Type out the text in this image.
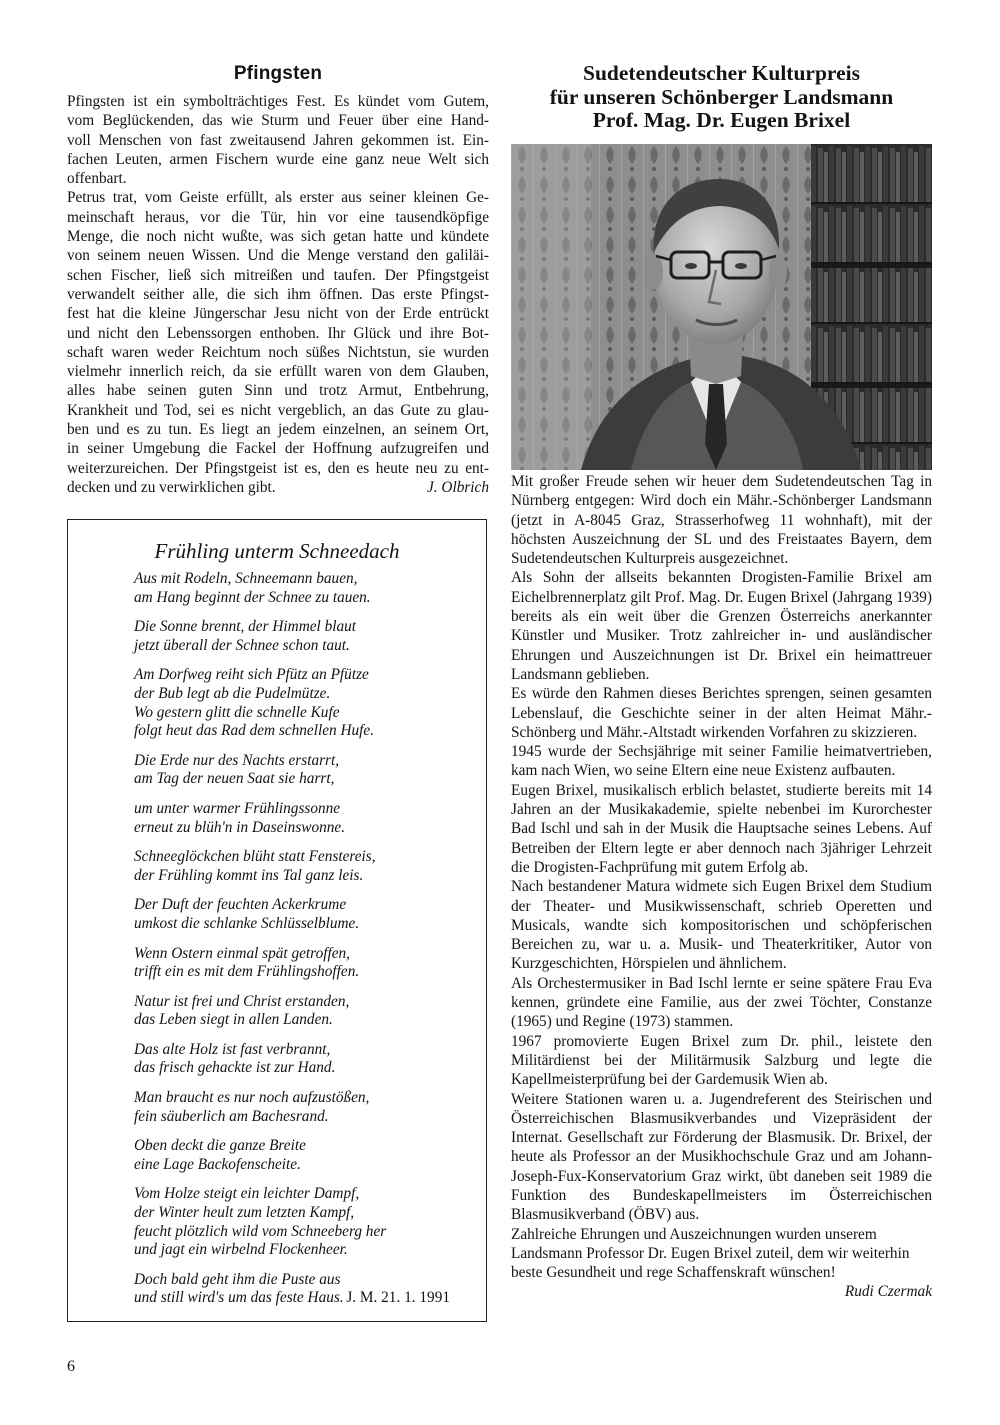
Pfingsten

Pfingsten ist ein symbolträchtiges Fest. Es kündet vom Gutem,

vom Beglückenden, das wie Sturm und Feuer über eine Hand-

voll Menschen von fast zweitausend Jahren gekommen ist. Ein-

fachen Leuten, armen Fischern wurde eine ganz neue Welt sich

offenbart.

Petrus trat, vom Geiste erfüllt, als erster aus seiner kleinen Ge-

meinschaft heraus, vor die Tür, hin vor eine tausendköpfige

Menge, die noch nicht wußte, was sich getan hatte und kündete

von seinem neuen Wissen. Und die Menge verstand den galiläi-

schen Fischer, ließ sich mitreißen und taufen. Der Pfingstgeist

verwandelt seither alle, die sich ihm öffnen. Das erste Pfingst-

fest hat die kleine Jüngerschar Jesu nicht von der Erde entrückt

und nicht den Lebenssorgen enthoben. Ihr Glück und ihre Bot-

schaft waren weder Reichtum noch süßes Nichtstun, sie wurden

vielmehr innerlich reich, da sie erfüllt waren von dem Glauben,

alles habe seinen guten Sinn und trotz Armut, Entbehrung,

Krankheit und Tod, sei es nicht vergeblich, an das Gute zu glau-

ben und es zu tun. Es liegt an jedem einzelnen, an seinem Ort,

in seiner Umgebung die Fackel der Hoffnung aufzugreifen und

weiterzureichen. Der Pfingstgeist ist es, den es heute neu zu ent-

decken und zu verwirklichen gibt.	J. Olbrich
Frühling unterm Schneedach
Aus mit Rodeln, Schneemann bauen,
am Hang beginnt der Schnee zu tauen.
Die Sonne brennt, der Himmel blaut
jetzt überall der Schnee schon taut.
Am Dorfweg reiht sich Pfütz an Pfütze
der Bub legt ab die Pudelmütze.
Wo gestern glitt die schnelle Kufe
folgt heut das Rad dem schnellen Hufe.
Die Erde nur des Nachts erstarrt,
am Tag der neuen Saat sie harrt,
um unter warmer Frühlingssonne
erneut zu blüh'n in Daseinswonne.
Schneeglöckchen blüht statt Fenstereis,
der Frühling kommt ins Tal ganz leis.
Der Duft der feuchten Ackerkrume
umkost die schlanke Schlüsselblume.
Wenn Ostern einmal spät getroffen,
trifft ein es mit dem Frühlingshoffen.
Natur ist frei und Christ erstanden,
das Leben siegt in allen Landen.
Das alte Holz ist fast verbrannt,
das frisch gehackte ist zur Hand.
Man braucht es nur noch aufzustößen,
fein säuberlich am Bachesrand.
Oben deckt die ganze Breite
eine Lage Backofenscheite.
Vom Holze steigt ein leichter Dampf,
der Winter heult zum letzten Kampf,
feucht plötzlich wild vom Schneeberg her
und jagt ein wirbelnd Flockenheer.
Doch bald geht ihm die Puste aus
und still wird's um das feste Haus. J. M. 21. 1. 1991
Sudetendeutscher Kulturpreis
für unseren Schönberger Landsmann
Prof. Mag. Dr. Eugen Brixel

Mit großer Freude sehen wir heuer dem Sudetendeutschen Tag in Nürnberg entgegen: Wird doch ein Mähr.-Schönberger Landsmann (jetzt in A-8045 Graz, Strasserhofweg 11 wohnhaft), mit der höchsten Auszeichnung der SL und des Freistaates Bayern, dem Sudetendeutschen Kulturpreis ausgezeichnet.

Als Sohn der allseits bekannten Drogisten-Familie Brixel am Eichelbrennerplatz gilt Prof. Mag. Dr. Eugen Brixel (Jahrgang 1939) bereits als ein weit über die Grenzen Österreichs anerkannter Künstler und Musiker. Trotz zahlreicher in- und ausländischer Ehrungen und Auszeichnungen ist Dr. Brixel ein heimattreuer Landsmann geblieben.

Es würde den Rahmen dieses Berichtes sprengen, seinen gesamten Lebenslauf, die Geschichte seiner in der alten Heimat Mähr.-Schönberg und Mähr.-Altstadt wirkenden Vorfahren zu skizzieren.

1945 wurde der Sechsjährige mit seiner Familie heimatvertrieben, kam nach Wien, wo seine Eltern eine neue Existenz aufbauten.

Eugen Brixel, musikalisch erblich belastet, studierte bereits mit 14 Jahren an der Musikakademie, spielte nebenbei im Kurorchester Bad Ischl und sah in der Musik die Hauptsache seines Lebens. Auf Betreiben der Eltern legte er aber dennoch nach 3jähriger Lehrzeit die Drogisten-Fachprüfung mit gutem Erfolg ab.

Nach bestandener Matura widmete sich Eugen Brixel dem Studium der Theater- und Musikwissenschaft, schrieb Operetten und Musicals, wandte sich kompositorischen und schöpferischen Bereichen zu, war u. a. Musik- und Theaterkritiker, Autor von Kurzgeschichten, Hörspielen und ähnlichem.

Als Orchestermusiker in Bad Ischl lernte er seine spätere Frau Eva kennen, gründete eine Familie, aus der zwei Töchter, Constanze (1965) und Regine (1973) stammen.

1967 promovierte Eugen Brixel zum Dr. phil., leistete den Militärdienst bei der Militärmusik Salzburg und legte die Kapellmeisterprüfung bei der Gardemusik Wien ab.

Weitere Stationen waren u. a. Jugendreferent des Steirischen und Österreichischen Blasmusikverbandes und Vizepräsident der Internat. Gesellschaft zur Förderung der Blasmusik. Dr. Brixel, der heute als Professor an der Musikhochschule Graz und am Johann-Joseph-Fux-Konservatorium Graz wirkt, übt daneben seit 1989 die Funktion des Bundeskapellmeisters im Österreichischen Blasmusikverband (ÖBV) aus.

Zahlreiche Ehrungen und Auszeichnungen wurden unserem Landsmann Professor Dr. Eugen Brixel zuteil, dem wir weiterhin beste Gesundheit und rege Schaffenskraft wünschen!

Rudi Czermak
6
